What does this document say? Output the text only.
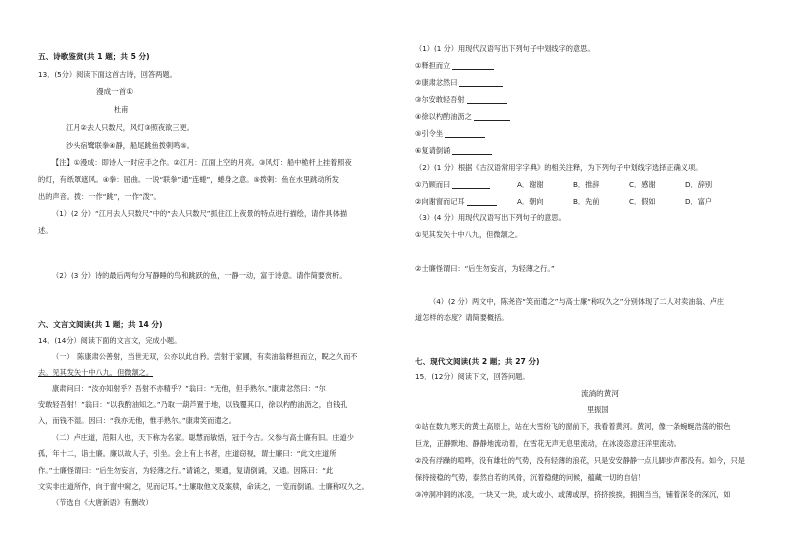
五、诗歌鉴赏(共 1 题；共 5 分)
13．(5分）阅读下面这首古诗，回答两题。
漫成一首①
杜甫
江月②去人只数尺，风灯③照夜欲三更。
沙头宿鹭联拳④静，船尾跳鱼拨剌鸣⑤。
【注】①漫成：即诗人一时应手之作。②江月：江面上空的月亮。③风灯：船中桅杆上挂着照夜
的灯，有纸罩遮风。④拳：屈曲。一说“联拳”通“连蜷”，蜷身之意。⑤拨剌：鱼在水里跳动所发
出的声音。拨：一作“跳”，一作“泼”。
（1）(2 分）“江月去人只数尺”中的“去人只数尺”抓住江上夜景的特点进行描绘，请作具体描
述。
（2）(3 分）诗的最后两句分写静睡的鸟和跳跃的鱼，一静一动，富于诗意。请作简要赏析。
六、文言文阅读(共 1 题；共 14 分)
14．(14分）阅读下面的文言文，完成小题。
（一）　陈康肃公善射，当世无双，公亦以此自矜。尝射于家圃，有卖油翁释担而立，睨之久而不
去。见其发矢十中八九，但微颔之。
康肃问曰：“汝亦知射乎？吾射不亦精乎？”翁曰：“无他，但手熟尔。”康肃忿然曰：“尔
安敢轻吾射！”翁曰：“以我酌油知之。”乃取一葫芦置于地，以钱覆其口，徐以杓酌油沥之，自钱孔
入，而钱不湿。因曰：“我亦无他，惟手熟尔。”康肃笑而遣之。
（二）卢庄道，范阳人也，天下称为名家。聪慧而敏悟，冠于今古。父参与高士廉有旧。庄道少
孤，年十二，诣士廉。廉以故人子，引坐。会上有上书者，庄道窃视，谓士廉曰：“此文庄道所
作。”士廉怪谓曰：“后生勿妄言，为轻薄之行。”请诵之，果通，复请倒诵，又通。因陈曰：“此
文实非庄道所作，向于窗中窥之，见而记耳。”士廉取他文及案牍，命读之，一览而倒诵。士廉称叹久之。
（节选自《大唐新语》有删改）
（1）(1 分）用现代汉语写出下列句子中划线字的意思。
①释担而立
②康肃忿然曰
③尔安敢轻吾射
④徐以杓酌油沥之
⑤引令坐
⑥复请倒诵
（2）(1 分）根据《古汉语常用字字典》的相关注释，为下列句子中划线字选择正确义项。
①乃顾而曰	A．谢谢	B．推辞	C．感谢	D．辞别
②向谢窗而记耳	A．朝向	B．先前	C．假如	D．富户
（3）(4 分）用现代汉语写出下列句子的意思。
①见其发矢十中八九，但微颔之。
②士廉怪谓曰：“后生勿妄言，为轻薄之行。”
（4）(2 分）两文中，陈尧咨“笑而遣之”与高士廉“称叹久之”分别体现了二人对卖油翁、卢庄
道怎样的态度？请简要概括。
七、现代文阅读(共 2 题；共 27 分)
15．(12分）阅读下文，回答问题。
流淌的黄河
里振国
①站在数九寒天的黄土高原上，站在大雪纷飞的窗前下，我看着黄河。黄河，像一条蜿蜒浩荡的银色
巨龙，正静默地、静静地流动着，在雪花无声无息里流动，在冰凌恣意汪洋里流动。
②没有浮躁的喧哗，没有雄壮的气势，没有轻薄的浪花，只是安安静静一点儿脚步声都没有。如今，只是
保持接稳的气势，泰然自若的风骨，沉着稳健的问候，蕴藏一切的自信！
③冲洞冲洞的冰凌，一块又一块，或大或小、或薄或厚，挤挤挨挨，拥拥当当，铺着深冬的深沉，如
